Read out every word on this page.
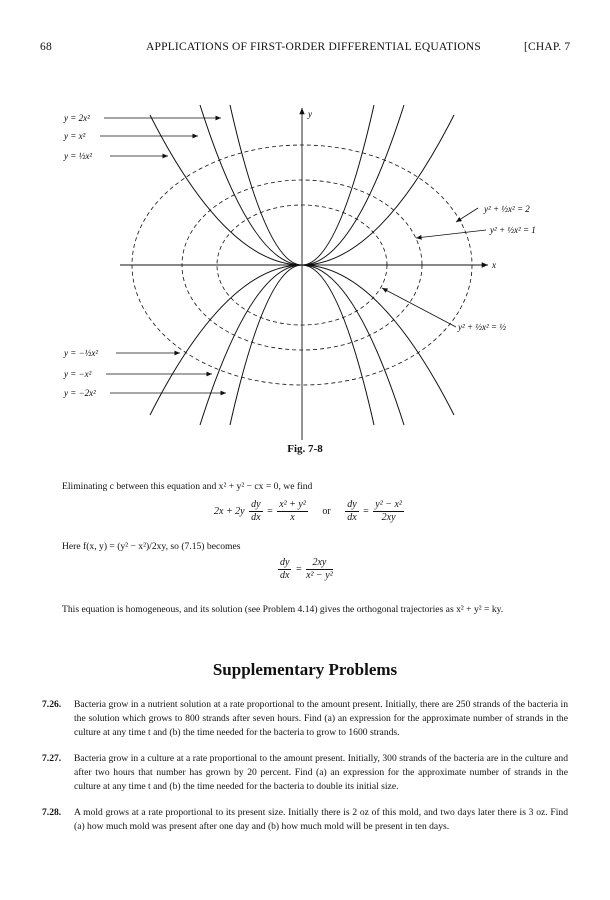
68	APPLICATIONS OF FIRST-ORDER DIFFERENTIAL EQUATIONS	[CHAP. 7
x
y
y = 2x²
y = x²
y = ½x²
y = −½x²
y = −x²
y = −2x²
y² + ½x² = 2
y² + ½x² = 1
y² + ½x² = ½
Fig. 7-8
Eliminating c between this equation and x² + y² − cx = 0, we find
$2x + 2y \frac{dy}{dx} = \frac{\text{x² + y²}}{x}$ or $\frac{dy}{dx} = \frac{\text{y² − x²}}{2xy}$
Here f(x, y) = (y² − x²)/2xy, so (7.15) becomes
$\frac{dy}{dx} = \frac{2xy}{\text{x² − y²}}$
This equation is homogeneous, and its solution (see Problem 4.14) gives the orthogonal trajectories as x² + y² = ky.
Supplementary Problems
7.26. Bacteria grow in a nutrient solution at a rate proportional to the amount present. Initially, there are 250 strands of the bacteria in the solution which grows to 800 strands after seven hours. Find (a) an expression for the approximate number of strands in the culture at any time t and (b) the time needed for the bacteria to grow to 1600 strands.
7.27. Bacteria grow in a culture at a rate proportional to the amount present. Initially, 300 strands of the bacteria are in the culture and after two hours that number has grown by 20 percent. Find (a) an expression for the approximate number of strands in the culture at any time t and (b) the time needed for the bacteria to double its initial size.
7.28. A mold grows at a rate proportional to its present size. Initially there is 2 oz of this mold, and two days later there is 3 oz. Find (a) how much mold was present after one day and (b) how much mold will be present in ten days.
